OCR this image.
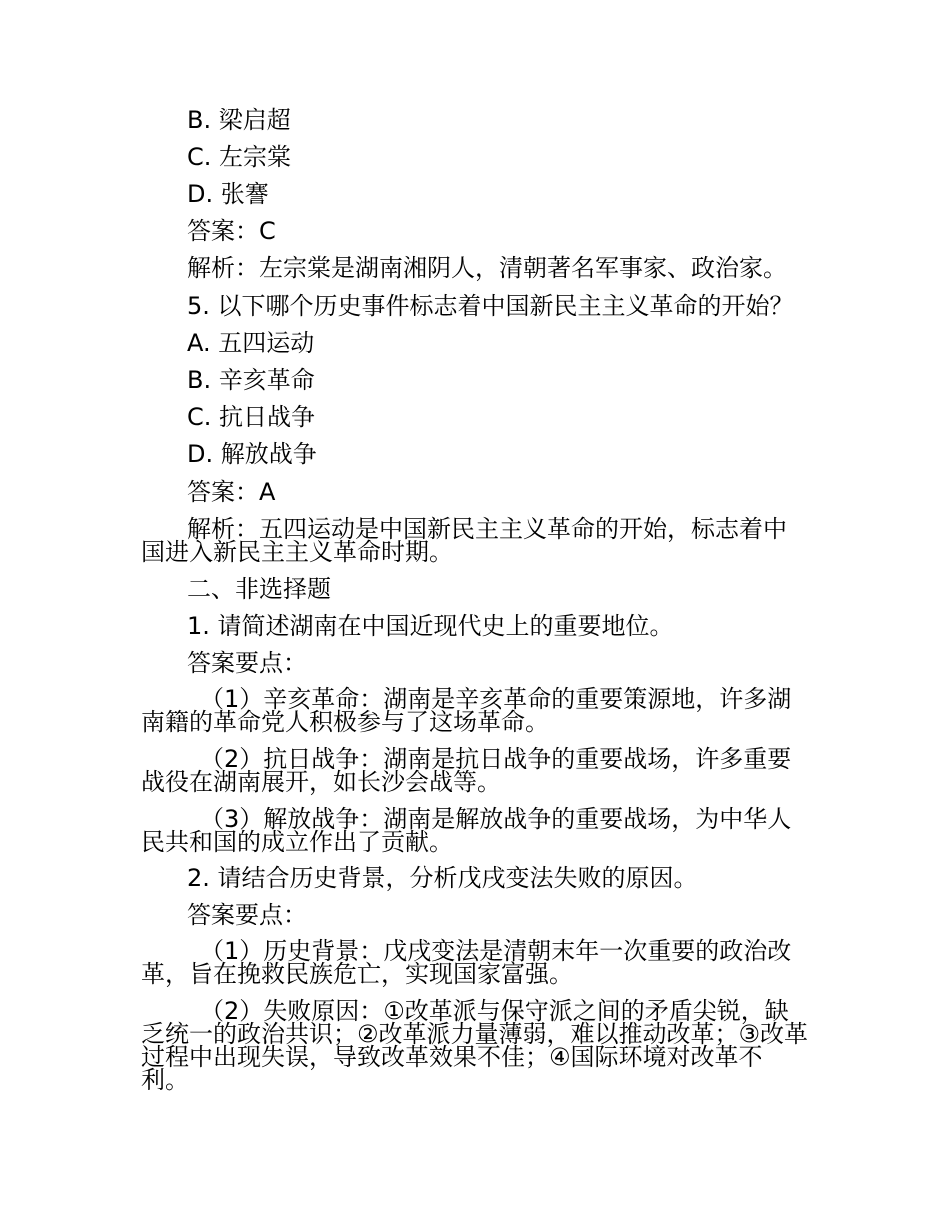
B. 梁启超
C. 左宗棠
D. 张謇
答案：C
解析：左宗棠是湖南湘阴人，清朝著名军事家、政治家。
5. 以下哪个历史事件标志着中国新民主主义革命的开始？
A. 五四运动
B. 辛亥革命
C. 抗日战争
D. 解放战争
答案：A
解析：五四运动是中国新民主主义革命的开始，标志着中国进入新民主主义革命时期。
二、非选择题
1. 请简述湖南在中国近现代史上的重要地位。
答案要点：
（1）辛亥革命：湖南是辛亥革命的重要策源地，许多湖南籍的革命党人积极参与了这场革命。
（2）抗日战争：湖南是抗日战争的重要战场，许多重要战役在湖南展开，如长沙会战等。
（3）解放战争：湖南是解放战争的重要战场，为中华人民共和国的成立作出了贡献。
2. 请结合历史背景，分析戊戌变法失败的原因。
答案要点：
（1）历史背景：戊戌变法是清朝末年一次重要的政治改革，旨在挽救民族危亡，实现国家富强。
（2）失败原因：①改革派与保守派之间的矛盾尖锐，缺乏统一的政治共识；②改革派力量薄弱，难以推动改革；③改革过程中出现失误，导致改革效果不佳；④国际环境对改革不利。
